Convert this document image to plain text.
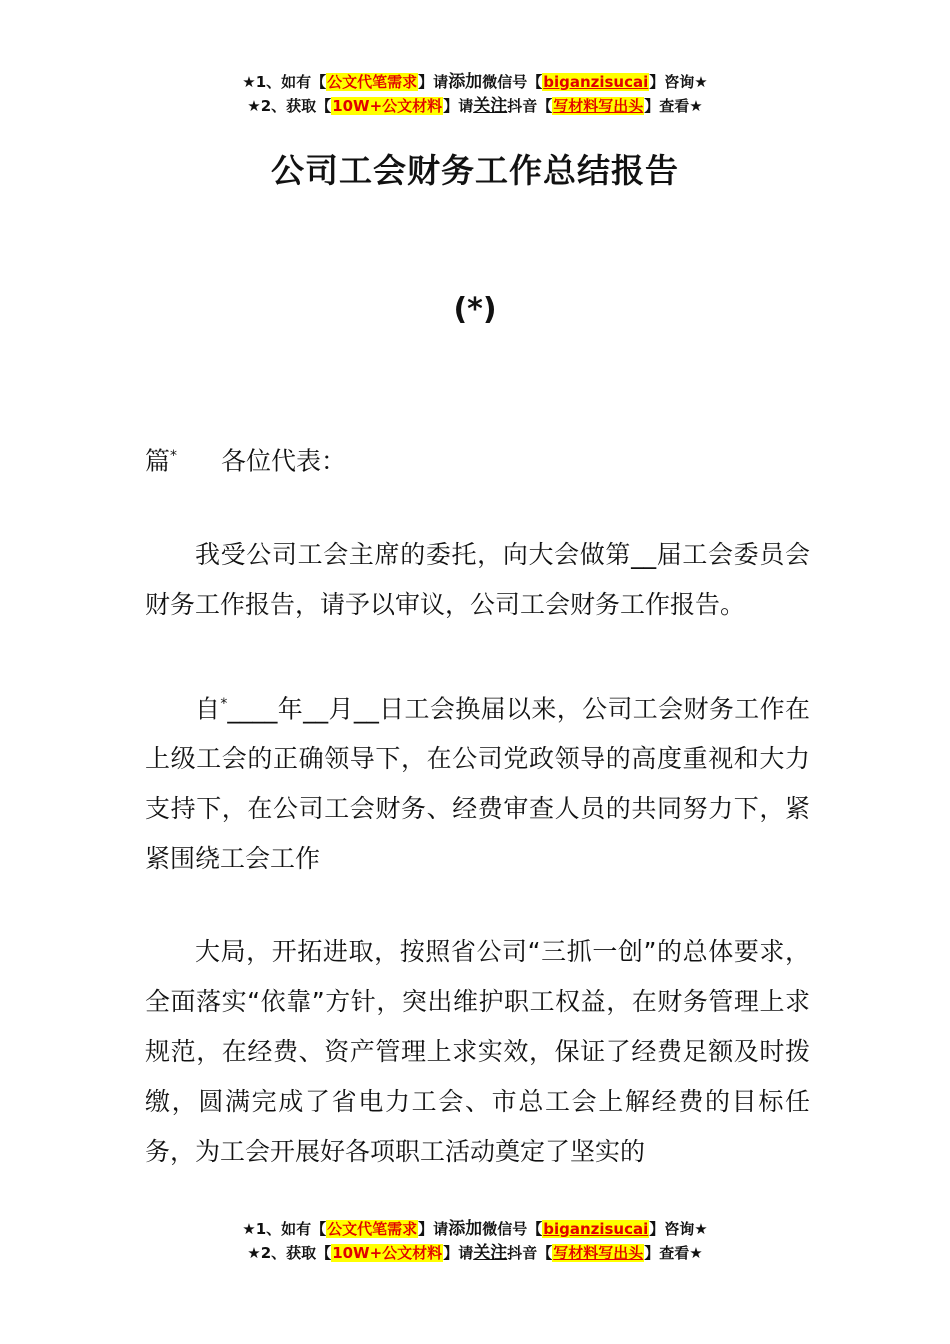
★1、如有【公文代笔需求】请添加微信号【biganzisucai】咨询★
★2、获取【10W+公文材料】请关注抖音【写材料写出头】查看★
公司工会财务工作总结报告
(*)
篇* 各位代表：
我受公司工会主席的委托，向大会做第__届工会委员会财务工作报告，请予以审议，公司工会财务工作报告。
自*____年__月__日工会换届以来，公司工会财务工作在上级工会的正确领导下，在公司党政领导的高度重视和大力支持下，在公司工会财务、经费审查人员的共同努力下，紧紧围绕工会工作
大局，开拓进取，按照省公司“三抓一创”的总体要求，全面落实“依靠”方针，突出维护职工权益，在财务管理上求规范，在经费、资产管理上求实效，保证了经费足额及时拨缴，圆满完成了省电力工会、市总工会上解经费的目标任务，为工会开展好各项职工活动奠定了坚实的
★1、如有【公文代笔需求】请添加微信号【biganzisucai】咨询★
★2、获取【10W+公文材料】请关注抖音【写材料写出头】查看★
